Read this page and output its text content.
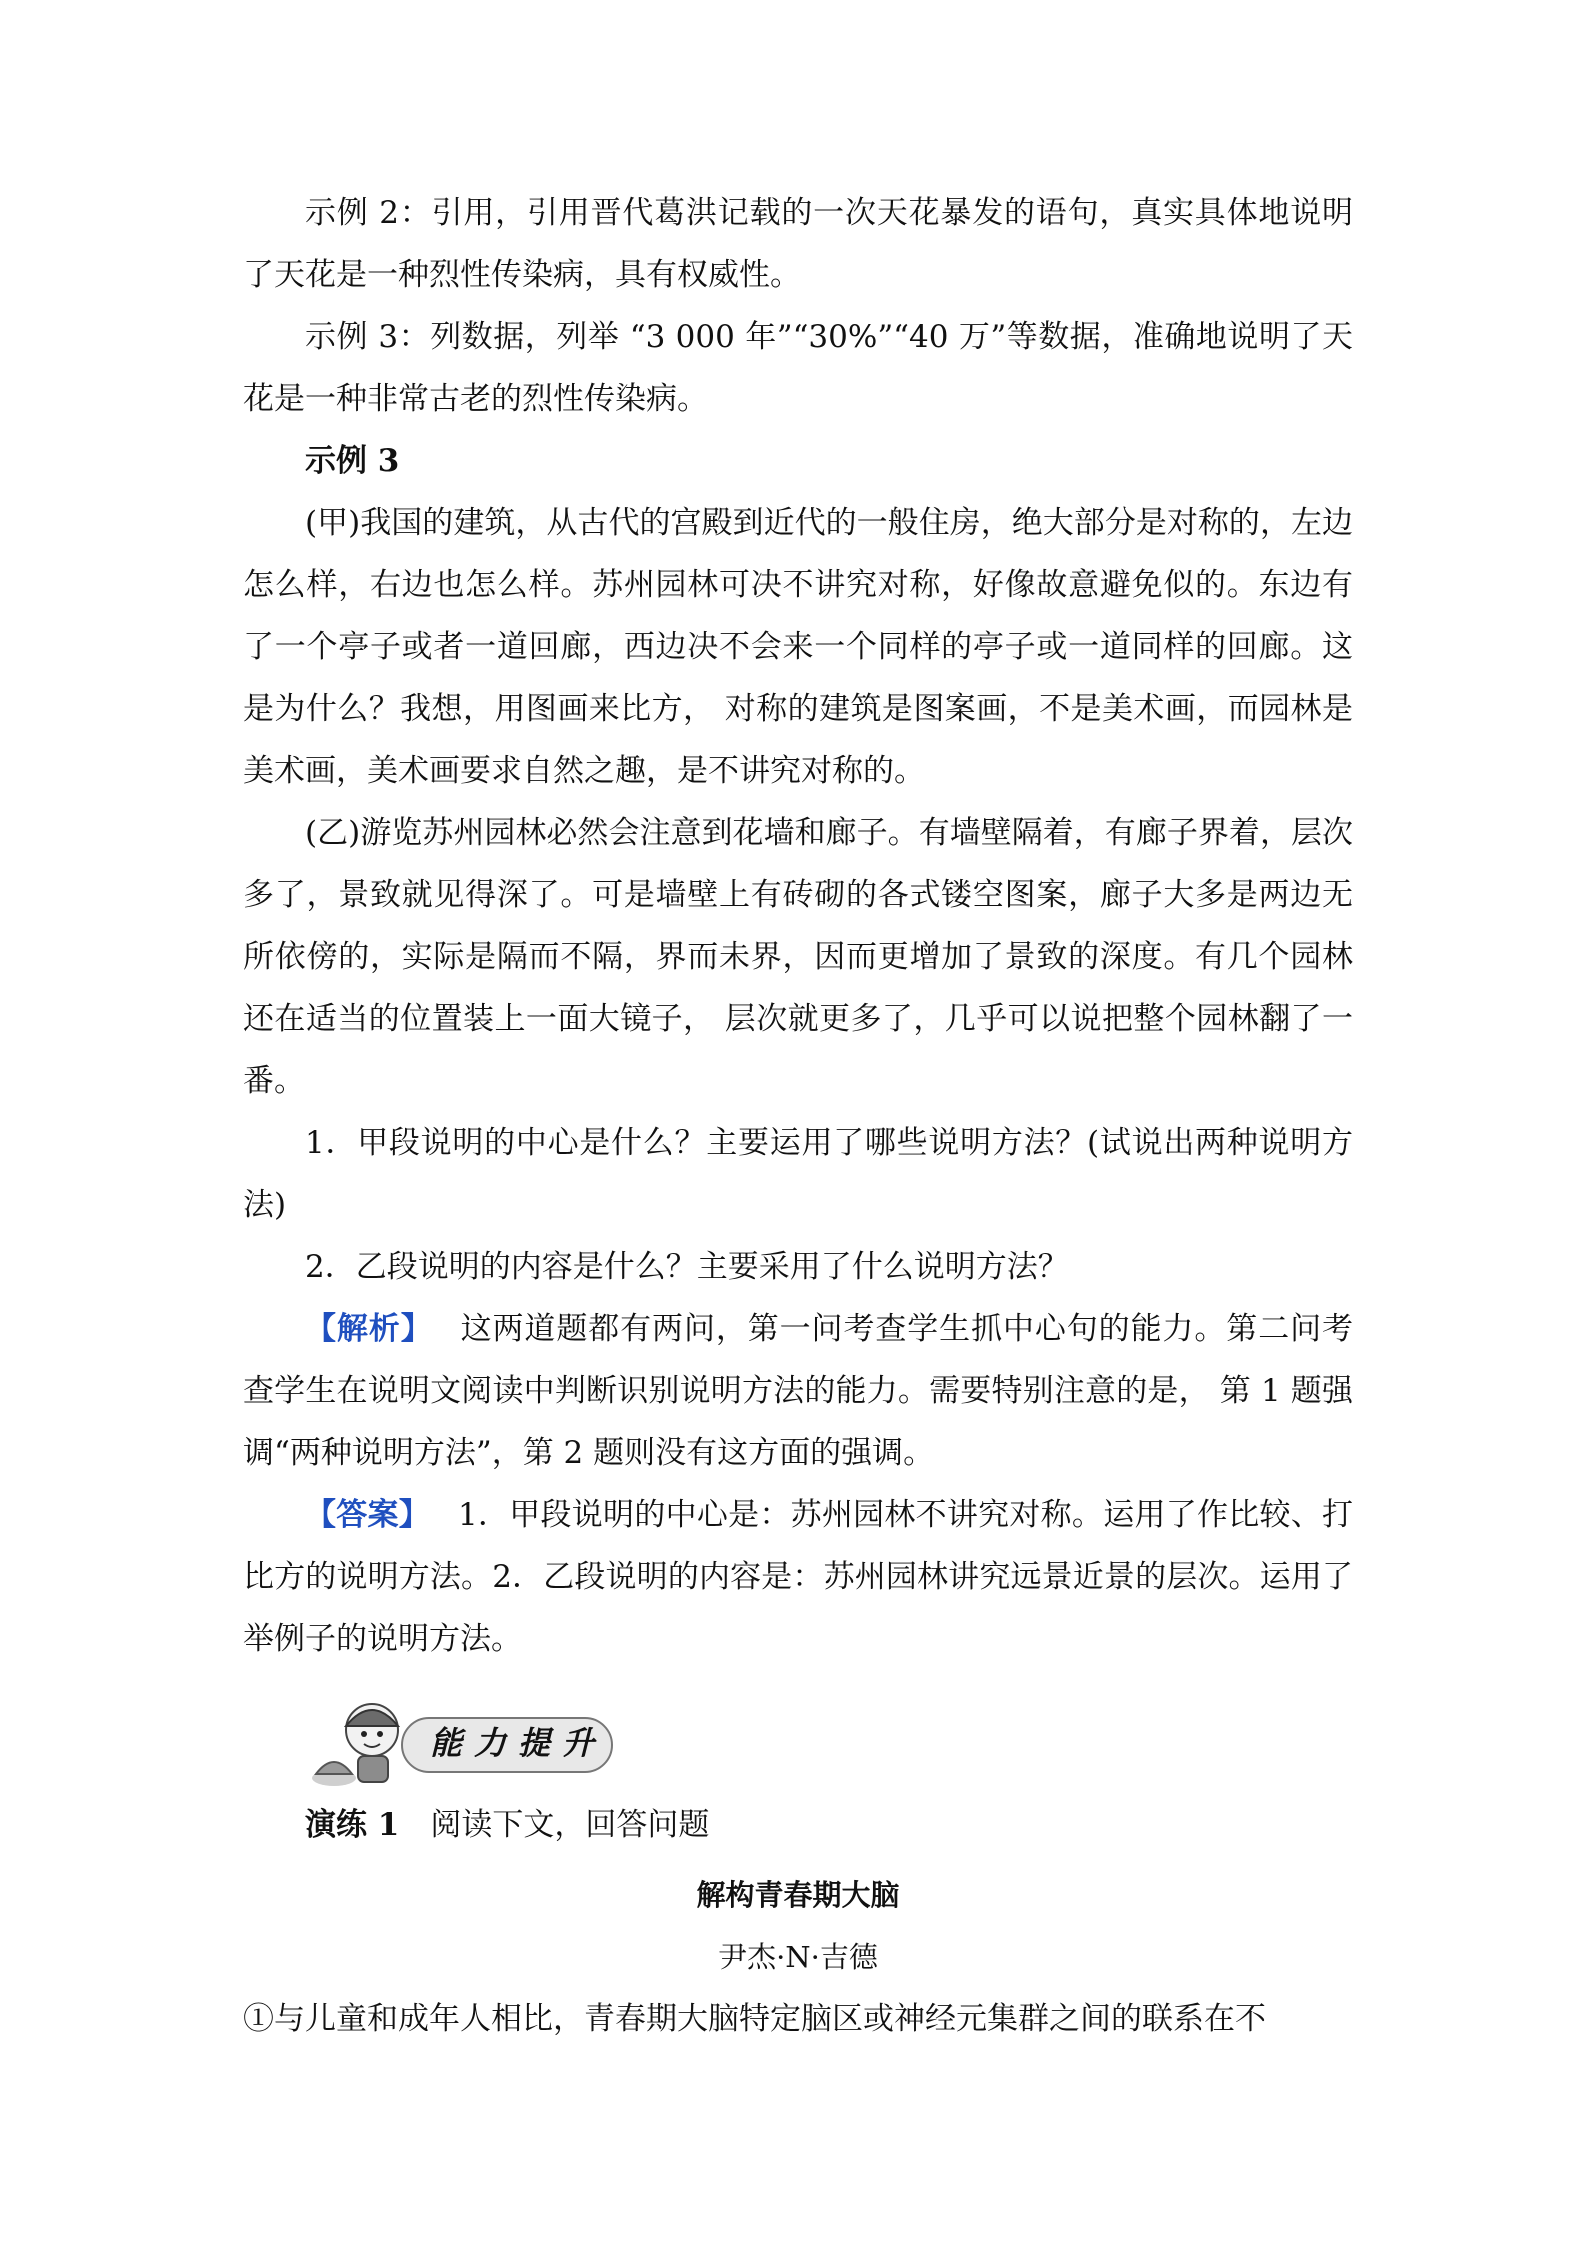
示例 2：引用，引用晋代葛洪记载的一次天花暴发的语句，真实具体地说明了天花是一种烈性传染病，具有权威性。

示例 3：列数据，列举 “3 000 年”“30%”“40 万”等数据，准确地说明了天花是一种非常古老的烈性传染病。

示例 3

(甲)我国的建筑，从古代的宫殿到近代的一般住房，绝大部分是对称的，左边怎么样，右边也怎么样。苏州园林可决不讲究对称，好像故意避免似的。东边有了一个亭子或者一道回廊，西边决不会来一个同样的亭子或一道同样的回廊。这是为什么？我想，用图画来比方， 对称的建筑是图案画，不是美术画，而园林是美术画，美术画要求自然之趣，是不讲究对称的。

(乙)游览苏州园林必然会注意到花墙和廊子。有墙壁隔着，有廊子界着，层次多了，景致就见得深了。可是墙壁上有砖砌的各式镂空图案，廊子大多是两边无所依傍的，实际是隔而不隔，界而未界，因而更增加了景致的深度。有几个园林还在适当的位置装上一面大镜子， 层次就更多了，几乎可以说把整个园林翻了一番。

1．甲段说明的中心是什么？主要运用了哪些说明方法？(试说出两种说明方法)

2．乙段说明的内容是什么？主要采用了什么说明方法？

【解析】 这两道题都有两问，第一问考查学生抓中心句的能力。第二问考查学生在说明文阅读中判断识别说明方法的能力。需要特别注意的是， 第 1 题强调“两种说明方法”，第 2 题则没有这方面的强调。

【答案】 1．甲段说明的中心是：苏州园林不讲究对称。运用了作比较、打比方的说明方法。2．乙段说明的内容是：苏州园林讲究远景近景的层次。运用了举例子的说明方法。

能力提升

演练 1  阅读下文，回答问题

解构青春期大脑

尹杰·N·吉德

①与儿童和成年人相比，青春期大脑特定脑区或神经元集群之间的联系在不
